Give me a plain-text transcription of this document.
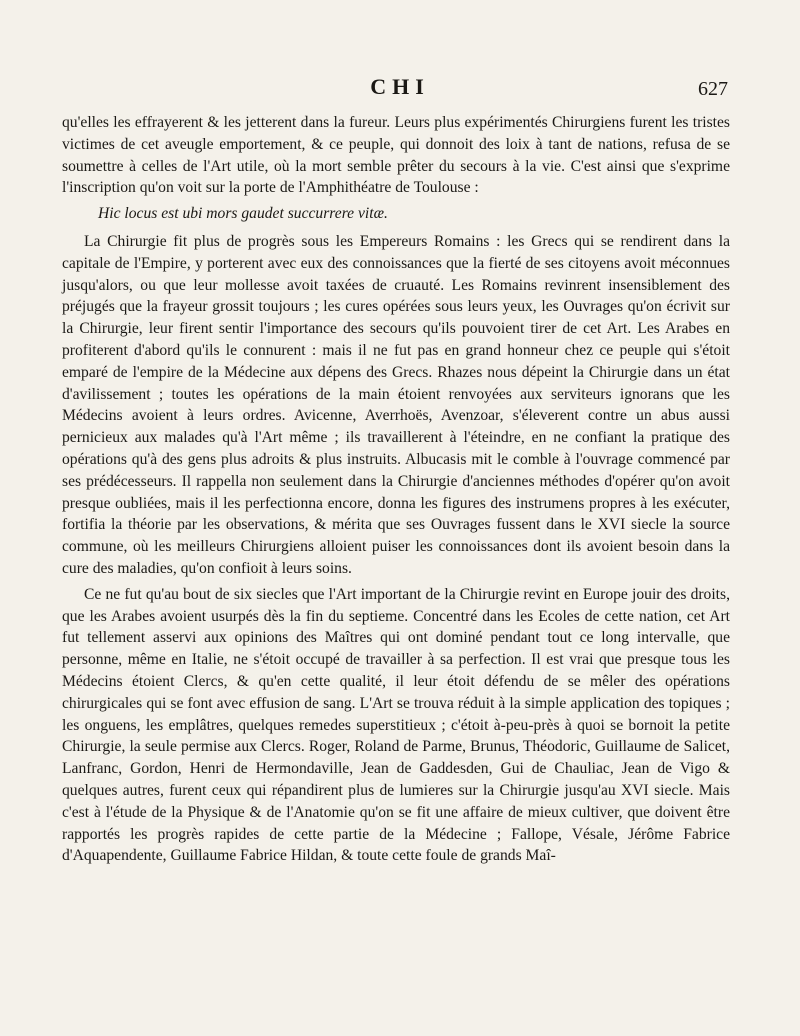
CHI	627

qu'elles les effrayerent & les jetterent dans la fureur. Leurs plus expérimentés Chirurgiens furent les tristes victimes de cet aveugle emportement, & ce peuple, qui donnoit des loix à tant de nations, refusa de se soumettre à celles de l'Art utile, où la mort semble prêter du secours à la vie. C'est ainsi que s'exprime l'inscription qu'on voit sur la porte de l'Amphithéatre de Toulouse :

Hic locus est ubi mors gaudet succurrere vitæ.

La Chirurgie fit plus de progrès sous les Empereurs Romains : les Grecs qui se rendirent dans la capitale de l'Empire, y porterent avec eux des connoissances que la fierté de ses citoyens avoit méconnues jusqu'alors, ou que leur mollesse avoit taxées de cruauté. Les Romains revinrent insensiblement des préjugés que la frayeur grossit toujours ; les cures opérées sous leurs yeux, les Ouvrages qu'on écrivit sur la Chirurgie, leur firent sentir l'importance des secours qu'ils pouvoient tirer de cet Art. Les Arabes en profiterent d'abord qu'ils le connurent : mais il ne fut pas en grand honneur chez ce peuple qui s'étoit emparé de l'empire de la Médecine aux dépens des Grecs. Rhazes nous dépeint la Chirurgie dans un état d'avilissement ; toutes les opérations de la main étoient renvoyées aux serviteurs ignorans que les Médecins avoient à leurs ordres. Avicenne, Averrhoës, Avenzoar, s'éleverent contre un abus aussi pernicieux aux malades qu'à l'Art même ; ils travaillerent à l'éteindre, en ne confiant la pratique des opérations qu'à des gens plus adroits & plus instruits. Albucasis mit le comble à l'ouvrage commencé par ses prédécesseurs. Il rappella non seulement dans la Chirurgie d'anciennes méthodes d'opérer qu'on avoit presque oubliées, mais il les perfectionna encore, donna les figures des instrumens propres à les exécuter, fortifia la théorie par les observations, & mérita que ses Ouvrages fussent dans le XVI siecle la source commune, où les meilleurs Chirurgiens alloient puiser les connoissances dont ils avoient besoin dans la cure des maladies, qu'on confioit à leurs soins.

Ce ne fut qu'au bout de six siecles que l'Art important de la Chirurgie revint en Europe jouir des droits, que les Arabes avoient usurpés dès la fin du septieme. Concentré dans les Ecoles de cette nation, cet Art fut tellement asservi aux opinions des Maîtres qui ont dominé pendant tout ce long intervalle, que personne, même en Italie, ne s'étoit occupé de travailler à sa perfection. Il est vrai que presque tous les Médecins étoient Clercs, & qu'en cette qualité, il leur étoit défendu de se mêler des opérations chirurgicales qui se font avec effusion de sang. L'Art se trouva réduit à la simple application des topiques ; les onguens, les emplâtres, quelques remedes superstitieux ; c'étoit à-peu-près à quoi se bornoit la petite Chirurgie, la seule permise aux Clercs. Roger, Roland de Parme, Brunus, Théodoric, Guillaume de Salicet, Lanfranc, Gordon, Henri de Hermondaville, Jean de Gaddesden, Gui de Chauliac, Jean de Vigo & quelques autres, furent ceux qui répandirent plus de lumieres sur la Chirurgie jusqu'au XVI siecle. Mais c'est à l'étude de la Physique & de l'Anatomie qu'on se fit une affaire de mieux cultiver, que doivent être rapportés les progrès rapides de cette partie de la Médecine ; Fallope, Vésale, Jérôme Fabrice d'Aquapendente, Guillaume Fabrice Hildan, & toute cette foule de grands Maî-
